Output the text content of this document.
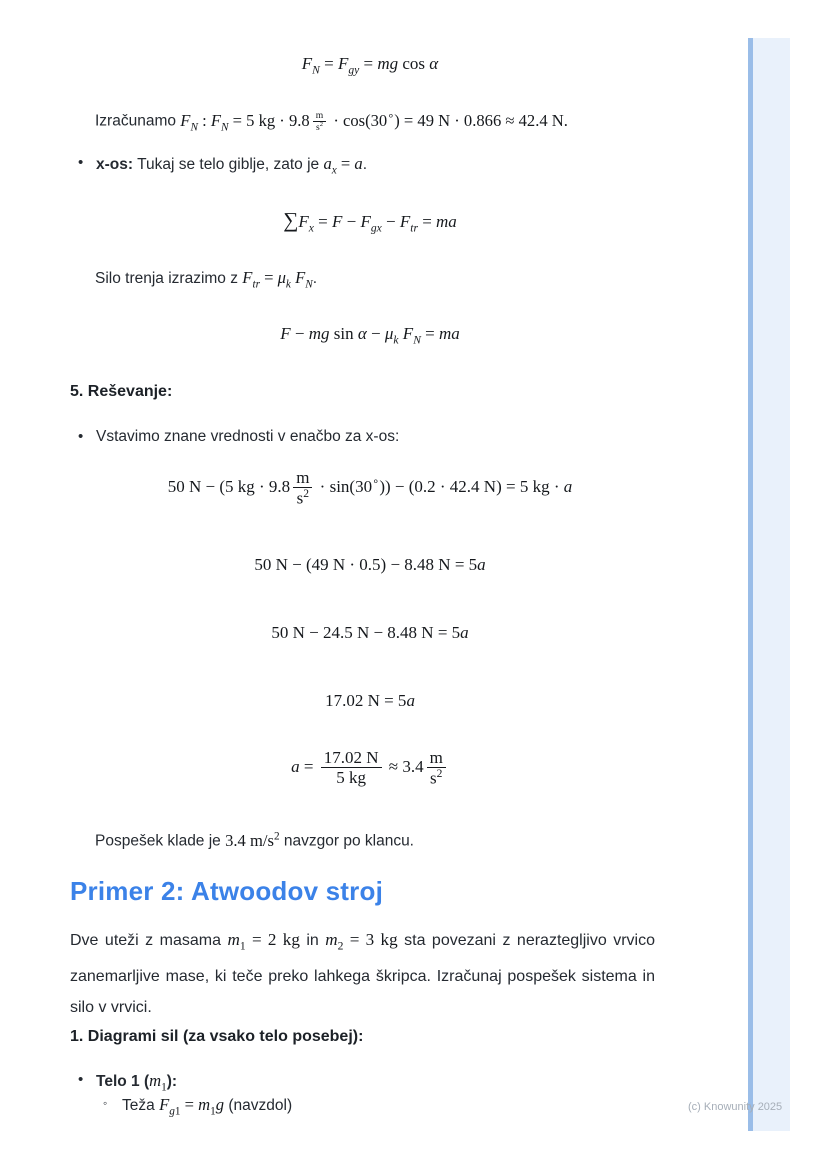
$F_N = F_{gy}$ = mg cos α
Izračunamo $F_N$ : $F_N = 5$ kg · $9.8 \frac{m}{s^2} \cdot \cos(30^\circ) = 49$ N · 0.866 ≈ 42.4 N.
• x-os: Tukaj se telo giblje, zato je $a_x = a$.
$\sum F_x = F - F_{gx} - F_{tr}$ = ma
Silo trenja izrazimo z $F_{tr} = \mu_k$ $F_N$.
F − mg $\sin \alpha - \mu_k$ $F_N$ = ma
5. Reševanje:
• Vstavimo znane vrednosti v enačbo za x-os:
50 N − (5 kg · $9.8 \frac{m}{s^2} \cdot \sin(30^\circ)) - (0.2 \cdot 42.4$ N) = 5 kg · a
50 N − (49 N · 0.5) − 8.48 N = 5a
50 N − 24.5 N − 8.48 N = 5a
17.02 N = 5a
$a = \frac{17.02 N}{5 kg} \approx 3.4 \frac{m}{s^2}$
Pospešek klade je 3.4 $m/s^2$ navzgor po klancu.
Primer 2: Atwoodov stroj
Dve uteži z masama $m_1 = 2$ kg in $m_2 = 3$ kg sta povezani z neraztegljivo vrvico zanemarljive mase, ki teče preko lahkega škripca. Izračunaj pospešek sistema in silo v vrvici.
1. Diagrami sil (za vsako telo posebej):
• Telo 1 $(m_1)$:
◦ Teža $F_{g1} = m_1g$ (navzdol)	(c) Knowunity 2025
